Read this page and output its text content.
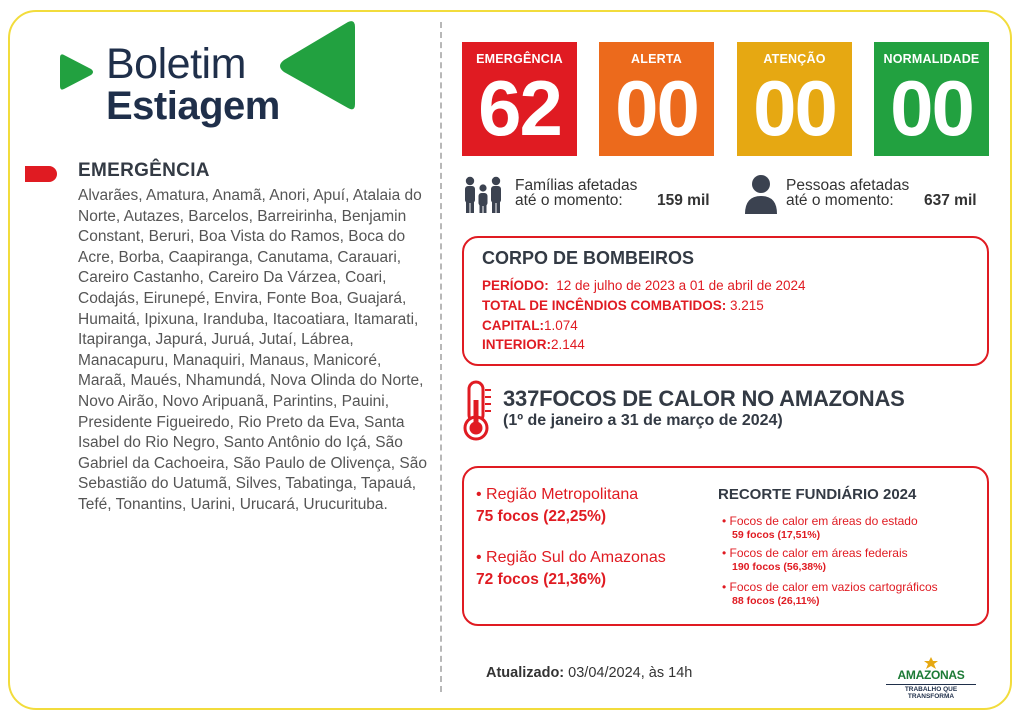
Boletim
Estiagem
EMERGÊNCIA
Alvarães, Amatura, Anamã, Anori, Apuí, Atalaia do Norte, Autazes, Barcelos, Barreirinha, Benjamin Constant, Beruri, Boa Vista do Ramos, Boca do Acre, Borba, Caapiranga, Canutama, Carauari, Careiro Castanho, Careiro Da Várzea, Coari, Codajás, Eirunepé, Envira, Fonte Boa, Guajará, Humaitá, Ipixuna, Iranduba, Itacoatiara, Itamarati, Itapiranga, Japurá, Juruá, Jutaí, Lábrea, Manacapuru, Manaquiri, Manaus, Manicoré, Maraã, Maués, Nhamundá, Nova Olinda do Norte, Novo Airão, Novo Aripuanã, Parintins, Pauini, Presidente Figueiredo, Rio Preto da Eva, Santa Isabel do Rio Negro, Santo Antônio do Içá, São Gabriel da Cachoeira, São Paulo de Olivença, São Sebastião do Uatumã, Silves, Tabatinga, Tapauá, Tefé, Tonantins, Uarini, Urucará, Urucurituba.
EMERGÊNCIA
62
ALERTA
00
ATENÇÃO
00
NORMALIDADE
00
Famílias afetadas
até o momento: 159 mil
Pessoas afetadas
até o momento: 637 mil
CORPO DE BOMBEIROS
PERÍODO: 12 de julho de 2023 a 01 de abril de 2024
TOTAL DE INCÊNDIOS COMBATIDOS: 3.215
CAPITAL:1.074
INTERIOR:2.144
337FOCOS DE CALOR NO AMAZONAS
(1º de janeiro a 31 de março de 2024)
• Região Metropolitana
75 focos (22,25%)
• Região Sul do Amazonas
72 focos (21,36%)
RECORTE FUNDIÁRIO 2024
• Focos de calor em áreas do estado
59 focos (17,51%)
• Focos de calor em áreas federais
190 focos (56,38%)
• Focos de calor em vazios cartográficos
88 focos (26,11%)
Atualizado: 03/04/2024, às 14h	AMAZONAS
TRABALHO QUE TRANSFORMA
